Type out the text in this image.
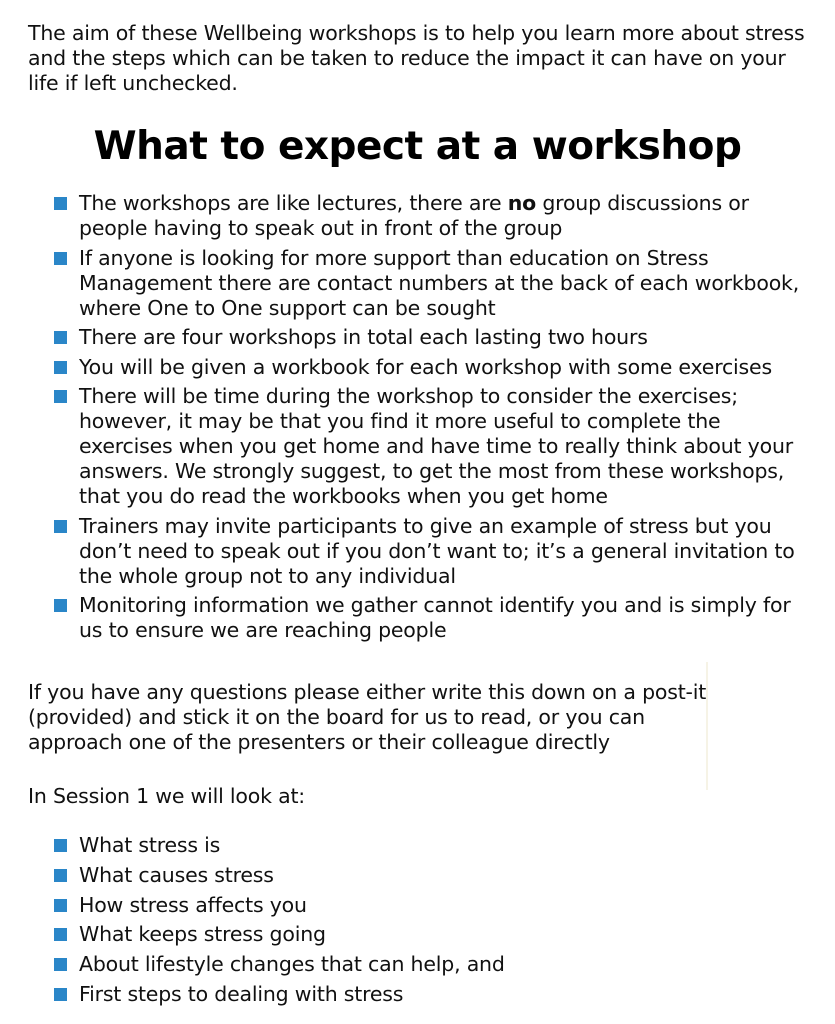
The aim of these Wellbeing workshops is to help you learn more about stress and the steps which can be taken to reduce the impact it can have on your life if left unchecked.

What to expect at a workshop
The workshops are like lectures, there are no group discussions or people having to speak out in front of the group
If anyone is looking for more support than education on Stress Management there are contact numbers at the back of each workbook, where One to One support can be sought
There are four workshops in total each lasting two hours
You will be given a workbook for each workshop with some exercises
There will be time during the workshop to consider the exercises; however, it may be that you find it more useful to complete the exercises when you get home and have time to really think about your answers. We strongly suggest, to get the most from these workshops, that you do read the workbooks when you get home
Trainers may invite participants to give an example of stress but you don’t need to speak out if you don’t want to; it’s a general invitation to the whole group not to any individual
Monitoring information we gather cannot identify you and is simply for us to ensure we are reaching people

If you have any questions please either write this down on a post-it (provided) and stick it on the board for us to read, or you can approach one of the presenters or their colleague directly

In Session 1 we will look at:

What stress is
What causes stress
How stress affects you
What keeps stress going
About lifestyle changes that can help, and
First steps to dealing with stress
